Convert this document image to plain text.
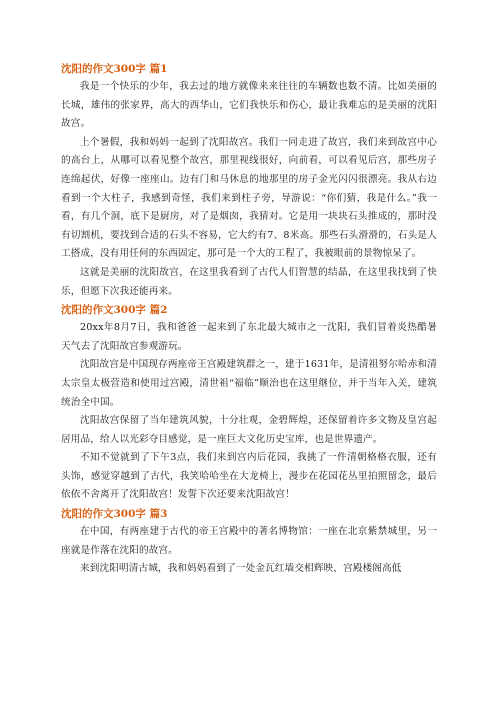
沈阳的作文300字 篇1

我是一个快乐的少年，我去过的地方就像来来往往的车辆数也数不清。比如美丽的长城，雄伟的张家界，高大的西华山，它们我快乐和伤心，最让我难忘的是美丽的沈阳故宫。

上个暑假，我和妈妈一起到了沈阳故宫。我们一同走进了故宫，我们来到故宫中心的高台上，从哪可以看见整个故宫，那里视线很好，向前看，可以看见后宫，那些房子连绵起伏，好像一座座山。边有门和马休息的地那里的房子金光闪闪很漂亮。我从右边看到一个大柱子，我感到奇怪，我们来到柱子旁，导游说：“你们猜，我是什么。”我一看，有几个洞，底下是厨房，对了是烟囱，我猜对。它是用一块块石头推成的，那时没有切割机，要找到合适的石头不容易，它大约有7、8米高。那些石头滑滑的，石头是人工搭成，没有用任何的东西固定，那可是一个大的工程了，我被眼前的景物惊呆了。

这就是美丽的沈阳故宫，在这里我看到了古代人们智慧的结晶，在这里我找到了快乐，但愿下次我还能再来。

沈阳的作文300字 篇2

20xx年8月7日，我和爸爸一起来到了东北最大城市之一沈阳，我们冒着炎热酷暑天气去了沈阳故宫参观游玩。

沈阳故宫是中国现存两座帝王宫殿建筑群之一，建于1631年，是清祖努尔哈赤和清太宗皇太极营造和使用过宫殿，清世祖“福临”顺治也在这里继位，并于当年入关，建筑统治全中国。

沈阳故宫保留了当年建筑风貌，十分壮观，金碧辉煌，还保留着许多文物及皇宫起居用品，给人以光彩夺目感觉，是一座巨大文化历史宝库，也是世界遗产。

不知不觉就到了下午3点，我们来到宫内后花园，我挑了一件清朝格格衣服，还有头饰，感觉穿越到了古代，我笑哈哈坐在大龙椅上，漫步在花园花丛里拍照留念，最后依依不舍离开了沈阳故宫！发誓下次还要来沈阳故宫！

沈阳的作文300字 篇3

在中国，有两座建于古代的帝王宫殿中的著名博物馆：一座在北京紫禁城里，另一座就是作落在沈阳的故宫。

来到沈阳明清古城，我和妈妈看到了一处金瓦红墙交相辉映，宫殿楼阁高低
